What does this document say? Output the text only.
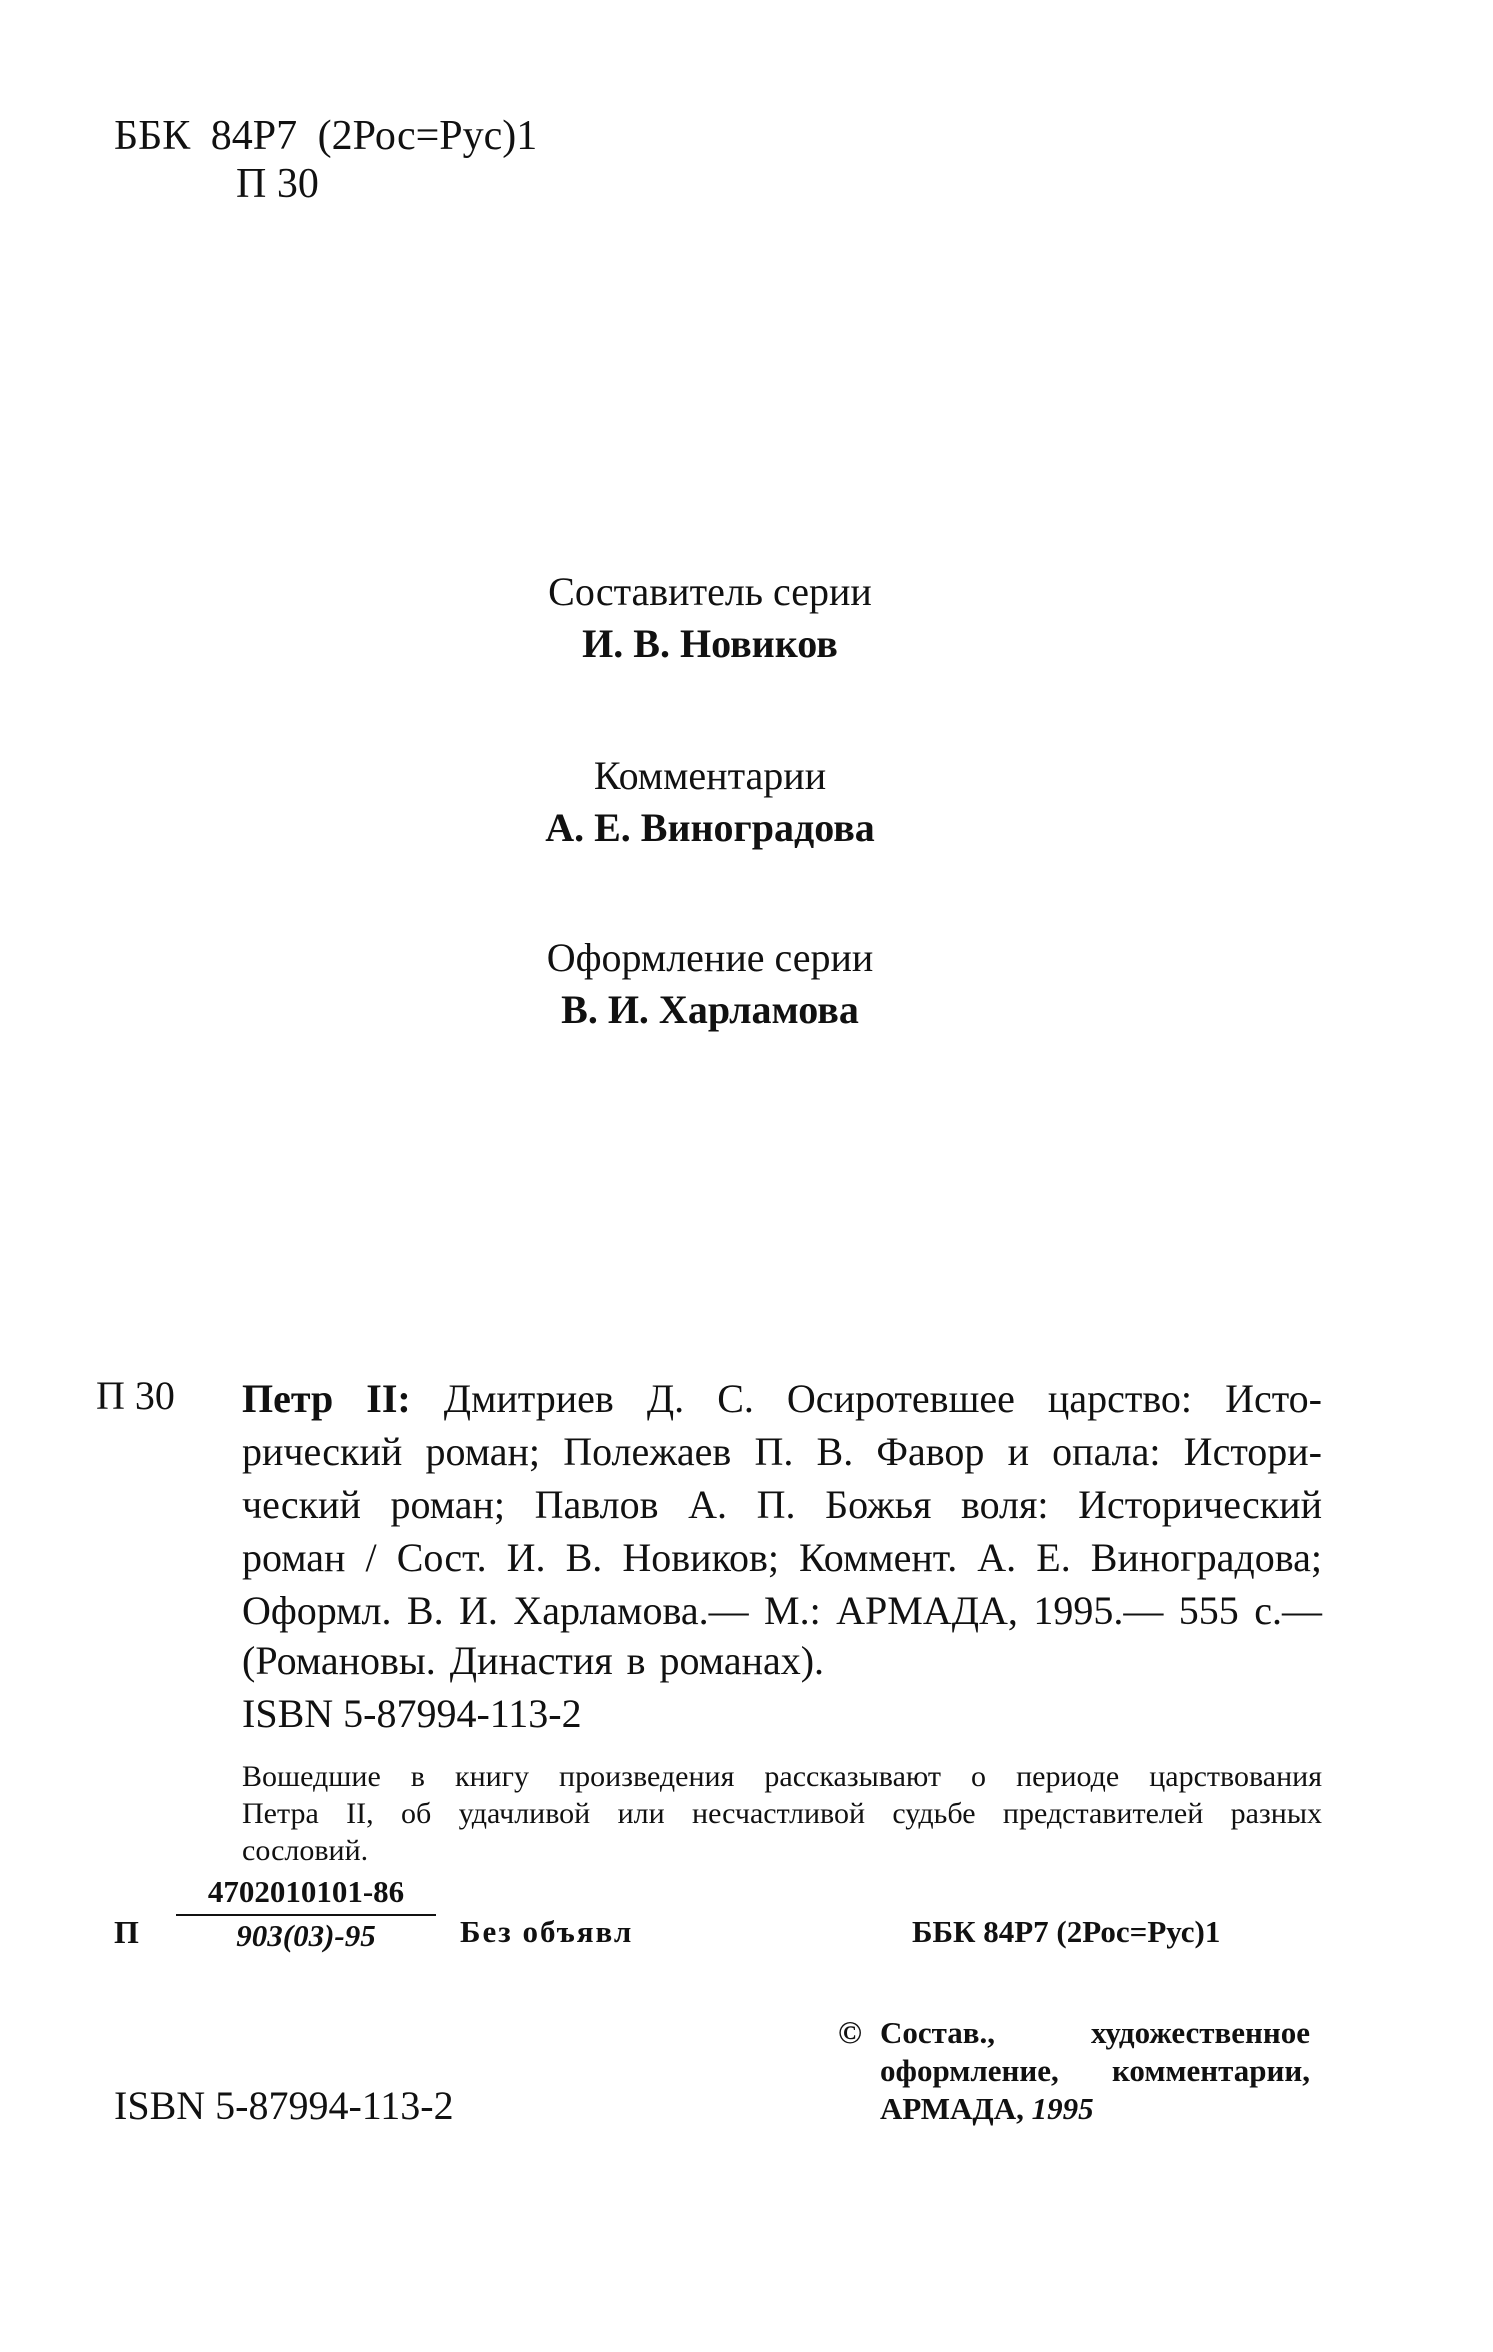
ББК 84Р7 (2Рос=Рус)1
П 30
Составитель серии
И. В. Новиков
Комментарии
А. Е. Виноградова
Оформление серии
В. И. Харламова
П 30 Петр II: Дмитриев Д. С. Осиротевшее царство: Исто-
рический роман; Полежаев П. В. Фавор и опала: Истори-
ческий роман; Павлов А. П. Божья воля: Исторический
роман / Сост. И. В. Новиков; Коммент. А. Е. Виноградова;
Оформл. В. И. Харламова.— М.: АРМАДА, 1995.— 555 с.—
(Романовы. Династия в романах).
ISBN 5-87994-113-2
Вошедшие в книгу произведения рассказывают о периоде царствования
Петра II, об удачливой или несчастливой судьбе представителей разных
сословий.
П $\frac{4702010101-86}{903(03)-95}$ Без объявл	ББК 84Р7 (2Рос=Рус)1
ISBN 5-87994-113-2
© Состав.,	художественное
оформление, комментарии,
АРМАДА, 1995
